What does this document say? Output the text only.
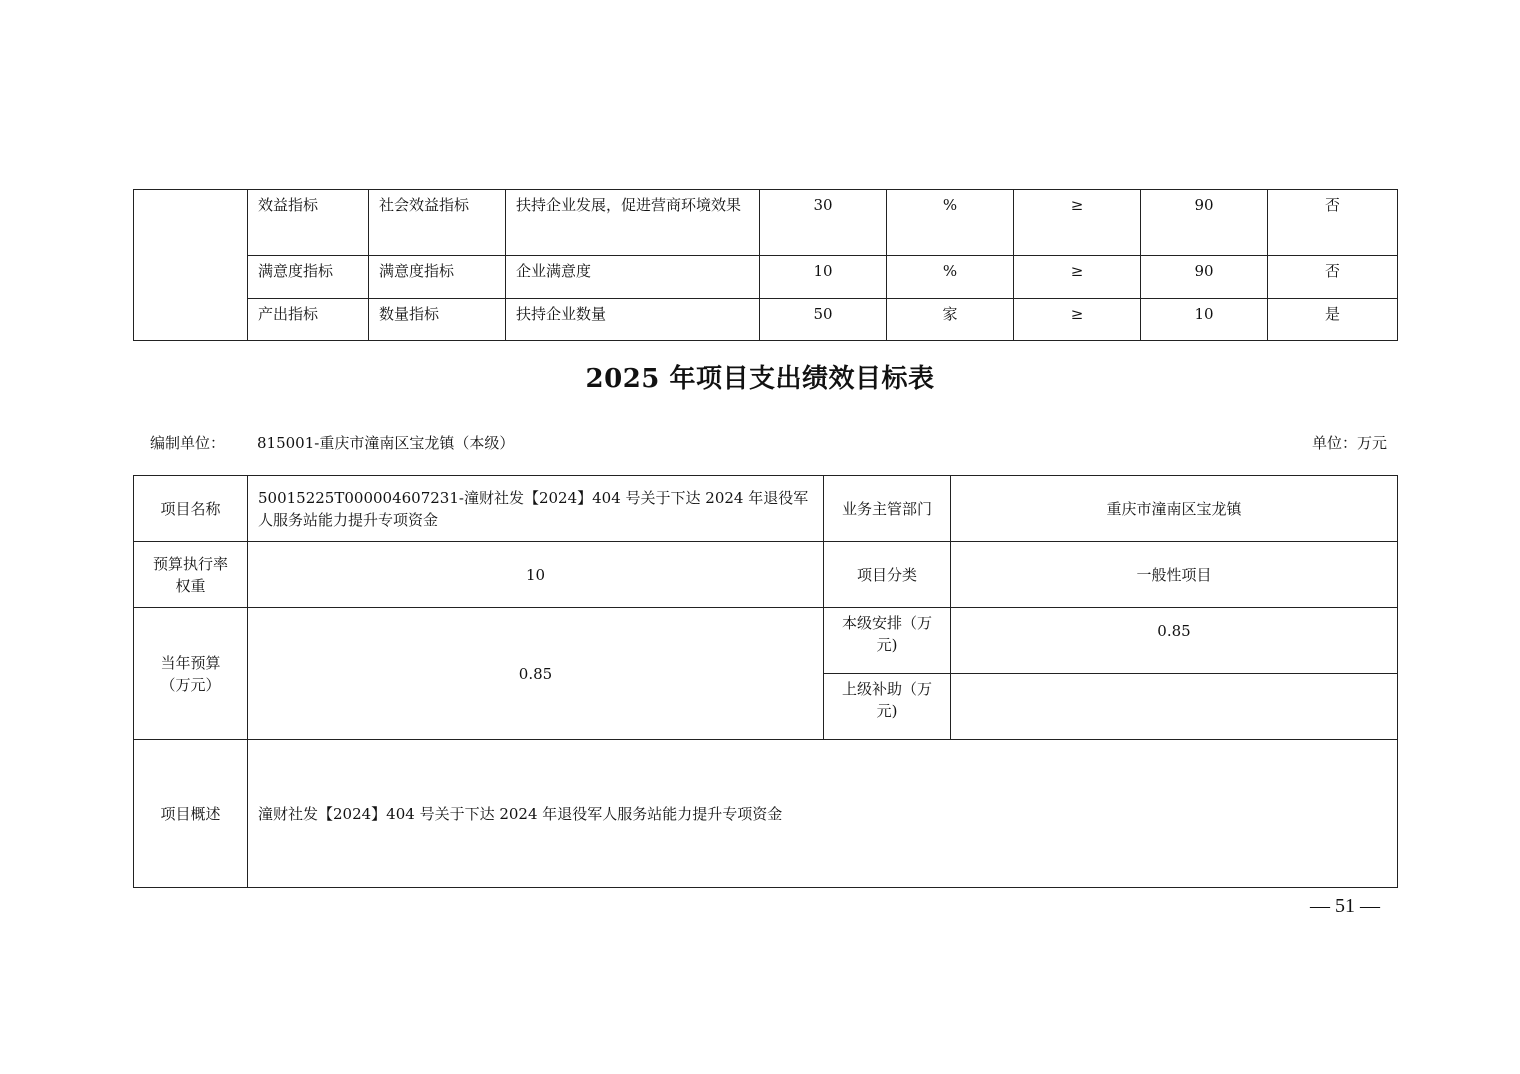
	效益指标	社会效益指标	扶持企业发展，促进营商环境效果	30	%	≥	90	否
	满意度指标	满意度指标	企业满意度	10	%	≥	90	否
	产出指标	数量指标	扶持企业数量	50	家	≥	10	是
2025 年项目支出绩效目标表
编制单位： 815001-重庆市潼南区宝龙镇（本级）	单位：万元
项目名称	50015225T000004607231-潼财社发【2024】404 号关于下达 2024 年退役军人服务站能力提升专项资金	业务主管部门	重庆市潼南区宝龙镇
预算执行率权重	10	项目分类	一般性项目
当年预算（万元）	0.85	本级安排（万元)	0.85
		上级补助（万元)	
项目概述	潼财社发【2024】404 号关于下达 2024 年退役军人服务站能力提升专项资金		
— 51 —
